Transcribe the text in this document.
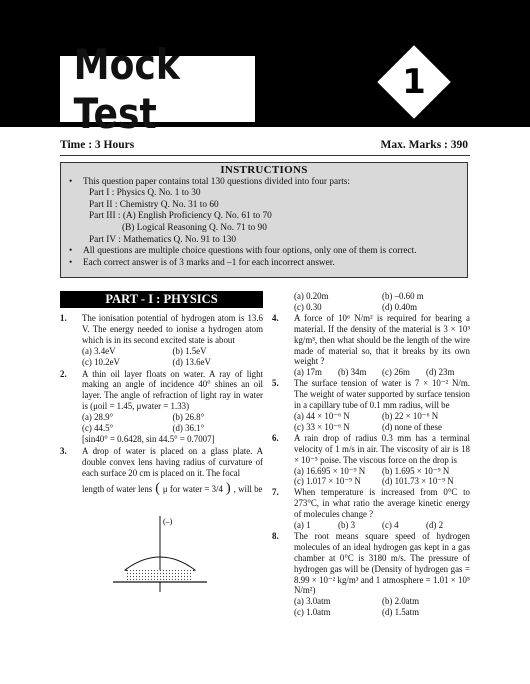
Mock Test
1
Time : 3 Hours	Max. Marks : 390
INSTRUCTIONS
• This question paper contains total 130 questions divided into four parts:
Part I : Physics Q. No. 1 to 30
Part II : Chemistry Q. No. 31 to 60
Part III : (A) English Proficiency Q. No. 61 to 70
(B) Logical Reasoning Q. No. 71 to 90
Part IV : Mathematics Q. No. 91 to 130
• All questions are multiple choice questions with four options, only one of them is correct.
• Each correct answer is of 3 marks and –1 for each incorrect answer.
PART - I : PHYSICS
1. The ionisation potential of hydrogen atom is 13.6 V. The energy needed to ionise a hydrogen atom which is in its second excited state is about
(a) 3.4eV	(b) 1.5eV
(c) 10.2eV	(d) 13.6eV
2. A thin oil layer floats on water. A ray of light making an angle of incidence 40° shines an oil layer. The angle of refraction of light ray in water is (μoil = 1.45, μwater = 1.33)
(a) 28.9°	(b) 26.8°
(c) 44.5°	(d) 36.1°
[sin40° = 0.6428, sin 44.5° = 0.7007]
3. A drop of water is placed on a glass plate. A double convex lens having radius of curvature of each surface 20 cm is placed on it. The focal
length of water lens ( μ for water = 3/4 ) , will be
(–)
(a) 0.20m	(b) –0.60 m
(c) 0.30	(d) 0.40m
4. A force of 10⁶ N/m² is required for bearing a material. If the density of the material is 3 × 10³ kg/m³, then what should be the length of the wire made of material so, that it breaks by its own weight ?
(a) 17m	(b) 34m	(c) 26m	(d) 23m
5. The surface tension of water is 7 × 10⁻² N/m. The weight of water supported by surface tension in a capillary tube of 0.1 mm radius, will be
(a) 44 × 10⁻⁶ N	(b) 22 × 10⁻⁶ N
(c) 33 × 10⁻⁶ N	(d) none of these
6. A rain drop of radius 0.3 mm has a terminal velocity of 1 m/s in air. The viscosity of air is 18 × 10⁻⁵ poise. The viscous force on the drop is
(a) 16.695 × 10⁻⁹ N	(b) 1.695 × 10⁻⁹ N
(c) 1.017 × 10⁻⁹ N	(d) 101.73 × 10⁻⁹ N
7. When temperature is increased from 0°C to 273°C, in what ratio the average kinetic energy of molecules change ?
(a) 1	(b) 3	(c) 4	(d) 2
8. The root means square speed of hydrogen molecules of an ideal hydrogen gas kept in a gas chamber at 0°C is 3180 m/s. The pressure of hydrogen gas will be (Density of hydrogen gas = 8.99 × 10⁻² kg/m³ and 1 atmosphere = 1.01 × 10⁵ N/m²)
(a) 3.0atm	(b) 2.0atm
(c) 1.0atm	(d) 1.5atm
